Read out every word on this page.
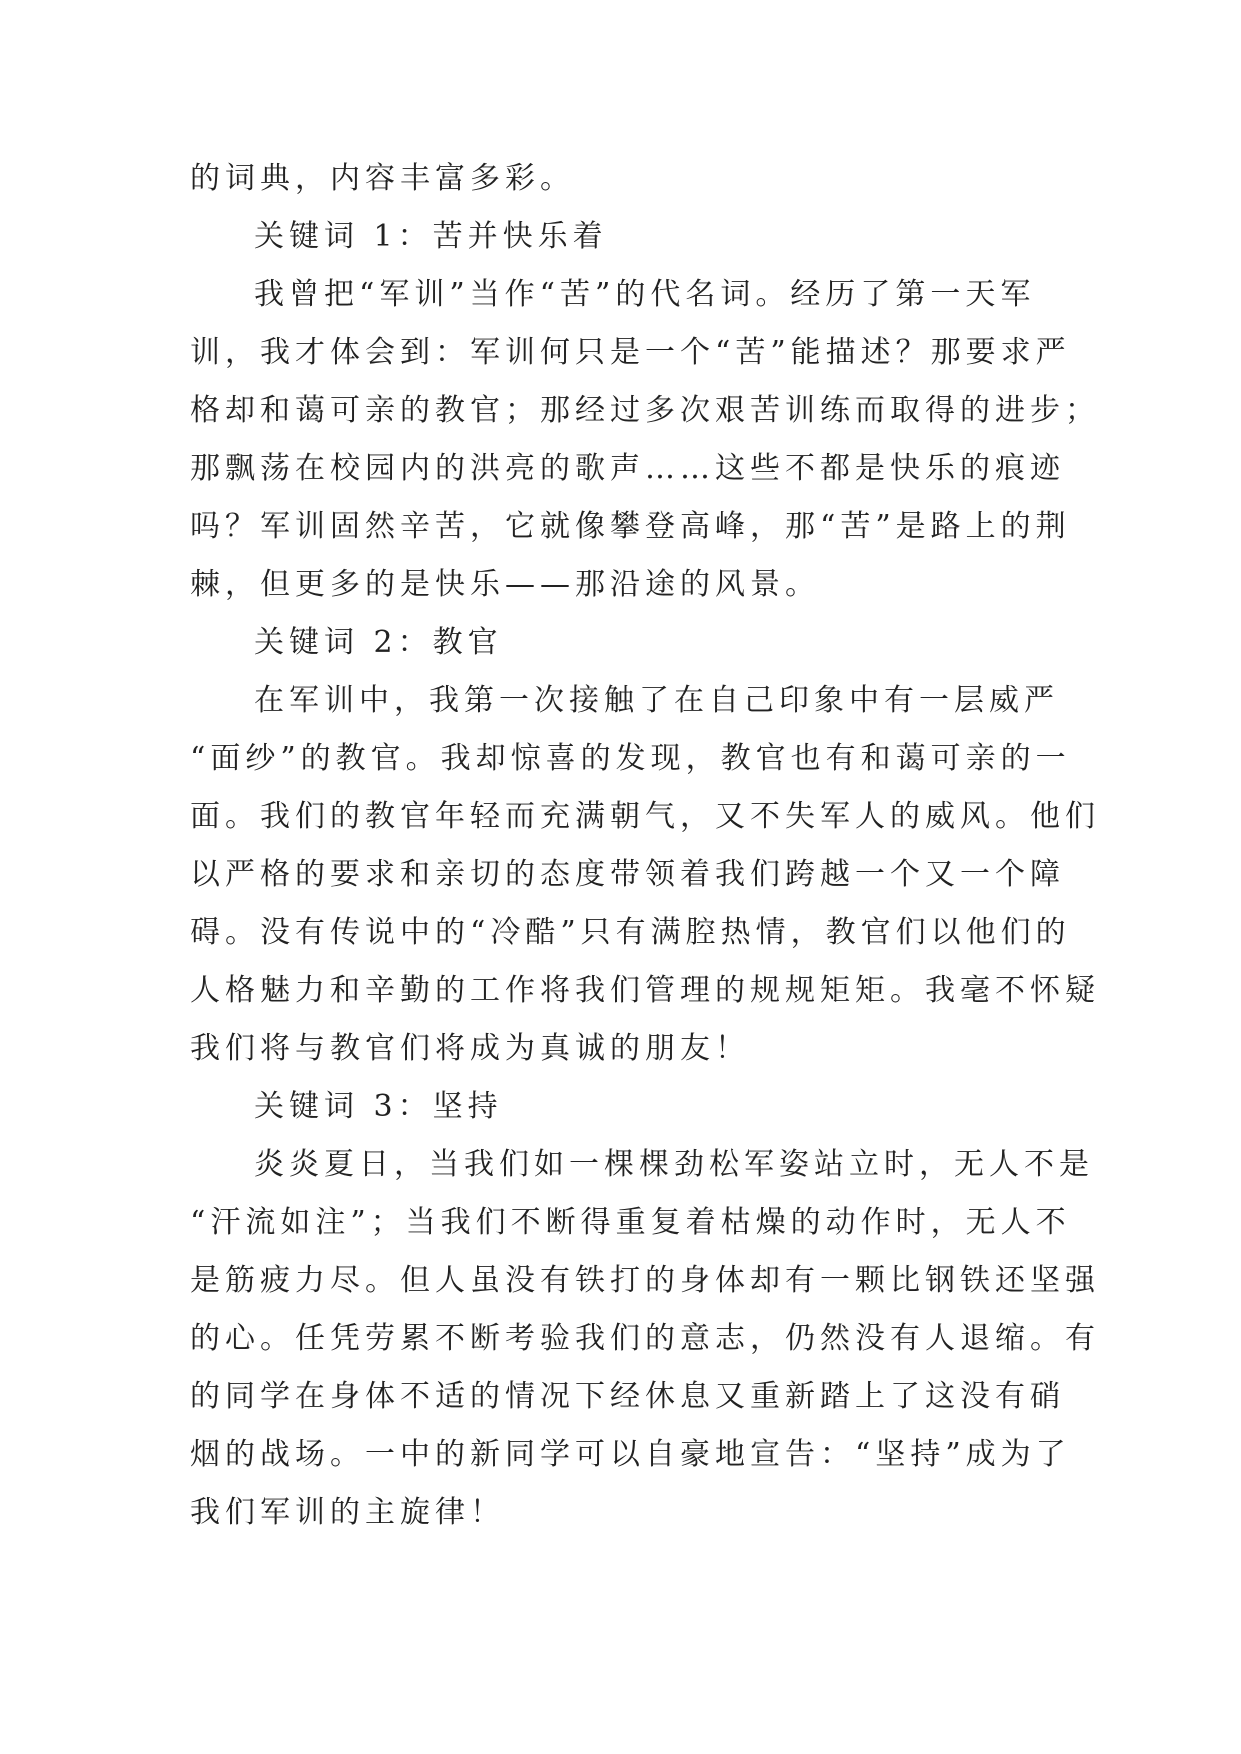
的词典，内容丰富多彩。
关键词 1：苦并快乐着
我曾把“军训”当作“苦”的代名词。经历了第一天军
训，我才体会到：军训何只是一个“苦”能描述？那要求严
格却和蔼可亲的教官；那经过多次艰苦训练而取得的进步；
那飘荡在校园内的洪亮的歌声……这些不都是快乐的痕迹
吗？军训固然辛苦，它就像攀登高峰，那“苦”是路上的荆
棘，但更多的是快乐——那沿途的风景。
关键词 2：教官
在军训中，我第一次接触了在自己印象中有一层威严
“面纱”的教官。我却惊喜的发现，教官也有和蔼可亲的一
面。我们的教官年轻而充满朝气，又不失军人的威风。他们
以严格的要求和亲切的态度带领着我们跨越一个又一个障
碍。没有传说中的“冷酷”只有满腔热情，教官们以他们的
人格魅力和辛勤的工作将我们管理的规规矩矩。我毫不怀疑
我们将与教官们将成为真诚的朋友！
关键词 3：坚持
炎炎夏日，当我们如一棵棵劲松军姿站立时，无人不是
“汗流如注”；当我们不断得重复着枯燥的动作时，无人不
是筋疲力尽。但人虽没有铁打的身体却有一颗比钢铁还坚强
的心。任凭劳累不断考验我们的意志，仍然没有人退缩。有
的同学在身体不适的情况下经休息又重新踏上了这没有硝
烟的战场。一中的新同学可以自豪地宣告：“坚持”成为了
我们军训的主旋律！
